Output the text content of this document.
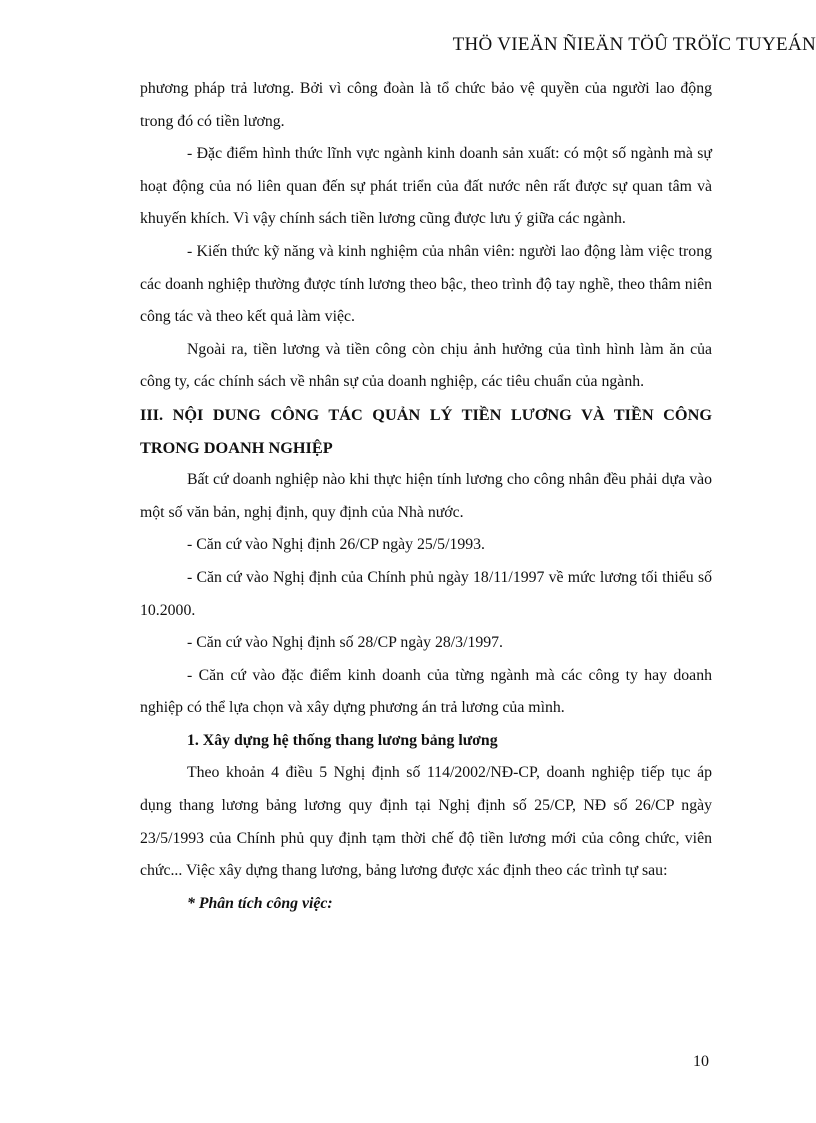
THÖ VIEÄN ÑIEÄN TÖÛ TRÖÏC TUYEÁN

phương pháp trả lương. Bởi vì công đoàn là tổ chức bảo vệ quyền của người lao động trong đó có tiền lương.

- Đặc điểm hình thức lĩnh vực ngành kinh doanh sản xuất: có một số ngành mà sự hoạt động của nó liên quan đến sự phát triển của đất nước nên rất được sự quan tâm và khuyến khích. Vì vậy chính sách tiền lương cũng được lưu ý giữa các ngành.

- Kiến thức kỹ năng và kinh nghiệm của nhân viên: người lao động làm việc trong các doanh nghiệp thường được tính lương theo bậc, theo trình độ tay nghề, theo thâm niên công tác và theo kết quả làm việc.

Ngoài ra, tiền lương và tiền công còn chịu ảnh hưởng của tình hình làm ăn của công ty, các chính sách về nhân sự của doanh nghiệp, các tiêu chuẩn của ngành.

III. NỘI DUNG CÔNG TÁC QUẢN LÝ TIỀN LƯƠNG VÀ TIỀN CÔNG TRONG DOANH NGHIỆP

Bất cứ doanh nghiệp nào khi thực hiện tính lương cho công nhân đều phải dựa vào một số văn bản, nghị định, quy định của Nhà nước.

- Căn cứ vào Nghị định 26/CP ngày 25/5/1993.

- Căn cứ vào Nghị định của Chính phủ ngày 18/11/1997 về mức lương tối thiểu số 10.2000.

- Căn cứ vào Nghị định số 28/CP ngày 28/3/1997.

- Căn cứ vào đặc điểm kinh doanh của từng ngành mà các công ty hay doanh nghiệp có thể lựa chọn và xây dựng phương án trả lương của mình.

1. Xây dựng hệ thống thang lương bảng lương

Theo khoản 4 điều 5 Nghị định số 114/2002/NĐ-CP, doanh nghiệp tiếp tục áp dụng thang lương bảng lương quy định tại Nghị định số 25/CP, NĐ số 26/CP ngày 23/5/1993 của Chính phủ quy định tạm thời chế độ tiền lương mới của công chức, viên chức... Việc xây dựng thang lương, bảng lương được xác định theo các trình tự sau:

* Phân tích công việc:

10
